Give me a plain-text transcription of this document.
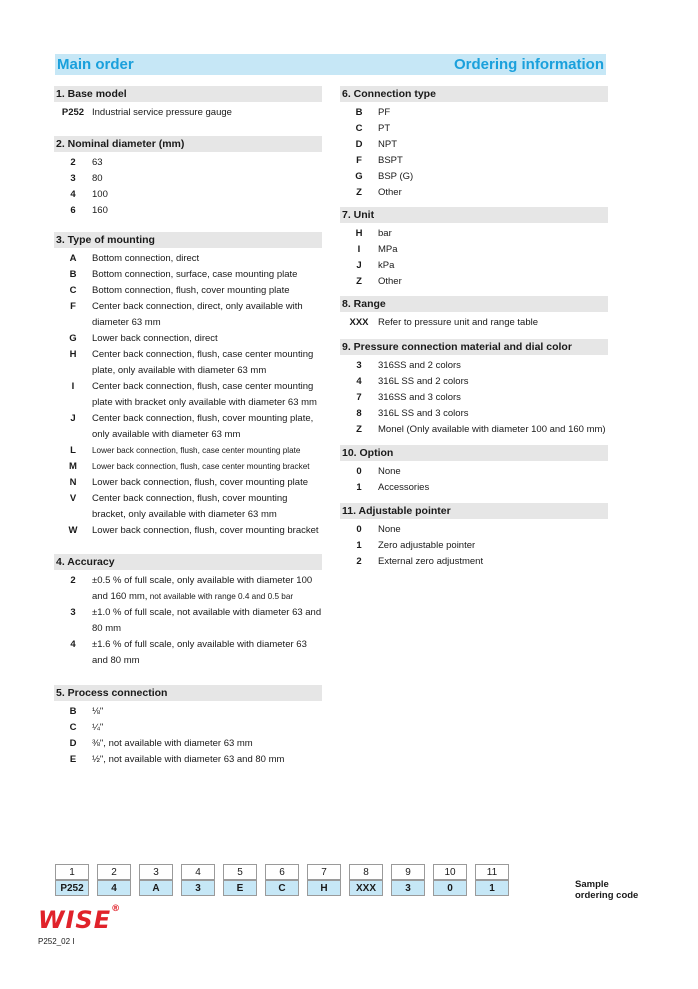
Main order	Ordering information
1. Base model
P252 Industrial service pressure gauge
2. Nominal diameter (mm)
2	63
3	80
4	100
6	160
3. Type of mounting
A	Bottom connection, direct
B	Bottom connection, surface, case mounting plate
C	Bottom connection, flush, cover mounting plate
F	Center back connection, direct, only available with diameter 63 mm
G	Lower back connection, direct
H	Center back connection, flush, case center mounting plate, only available with diameter 63 mm
I	Center back connection, flush, case center mounting plate with bracket only available with diameter 63 mm
J	Center back connection, flush, cover mounting plate, only available with diameter 63 mm
L	Lower back connection, flush, case center mounting plate
M	Lower back connection, flush, case center mounting bracket
N	Lower back connection, flush, cover mounting plate
V	Center back connection, flush, cover mounting bracket, only available with diameter 63 mm
W	Lower back connection, flush, cover mounting bracket
4. Accuracy
2	±0.5 % of full scale, only available with diameter 100 and 160 mm, not available with range 0.4 and 0.5 bar
3	±1.0 % of full scale, not available with diameter 63 and 80 mm
4	±1.6 % of full scale, only available with diameter 63 and 80 mm
5. Process connection
B	⅛"
C	¼"
D	⅜", not available with diameter 63 mm
E	½", not available with diameter 63 and 80 mm
6. Connection type
B	PF
C	PT
D	NPT
F	BSPT
G	BSP (G)
Z	Other
7. Unit
H	bar
I	MPa
J	kPa
Z	Other
8. Range
XXX	Refer to pressure unit and range table
9. Pressure connection material and dial color
3	316SS and 2 colors
4	316L SS and 2 colors
7	316SS and 3 colors
8	316L SS and 3 colors
Z	Monel (Only available with diameter 100 and 160 mm)
10. Option
0	None
1	Accessories
11. Adjustable pointer
0	None
1	Zero adjustable pointer
2	External zero adjustment
1	2	3	4	5	6	7	8	9	10	11
P252	4	A	3	E	C	H	XXX	3	0	1	Sample
ordering code
WISE®
P252_02 I
